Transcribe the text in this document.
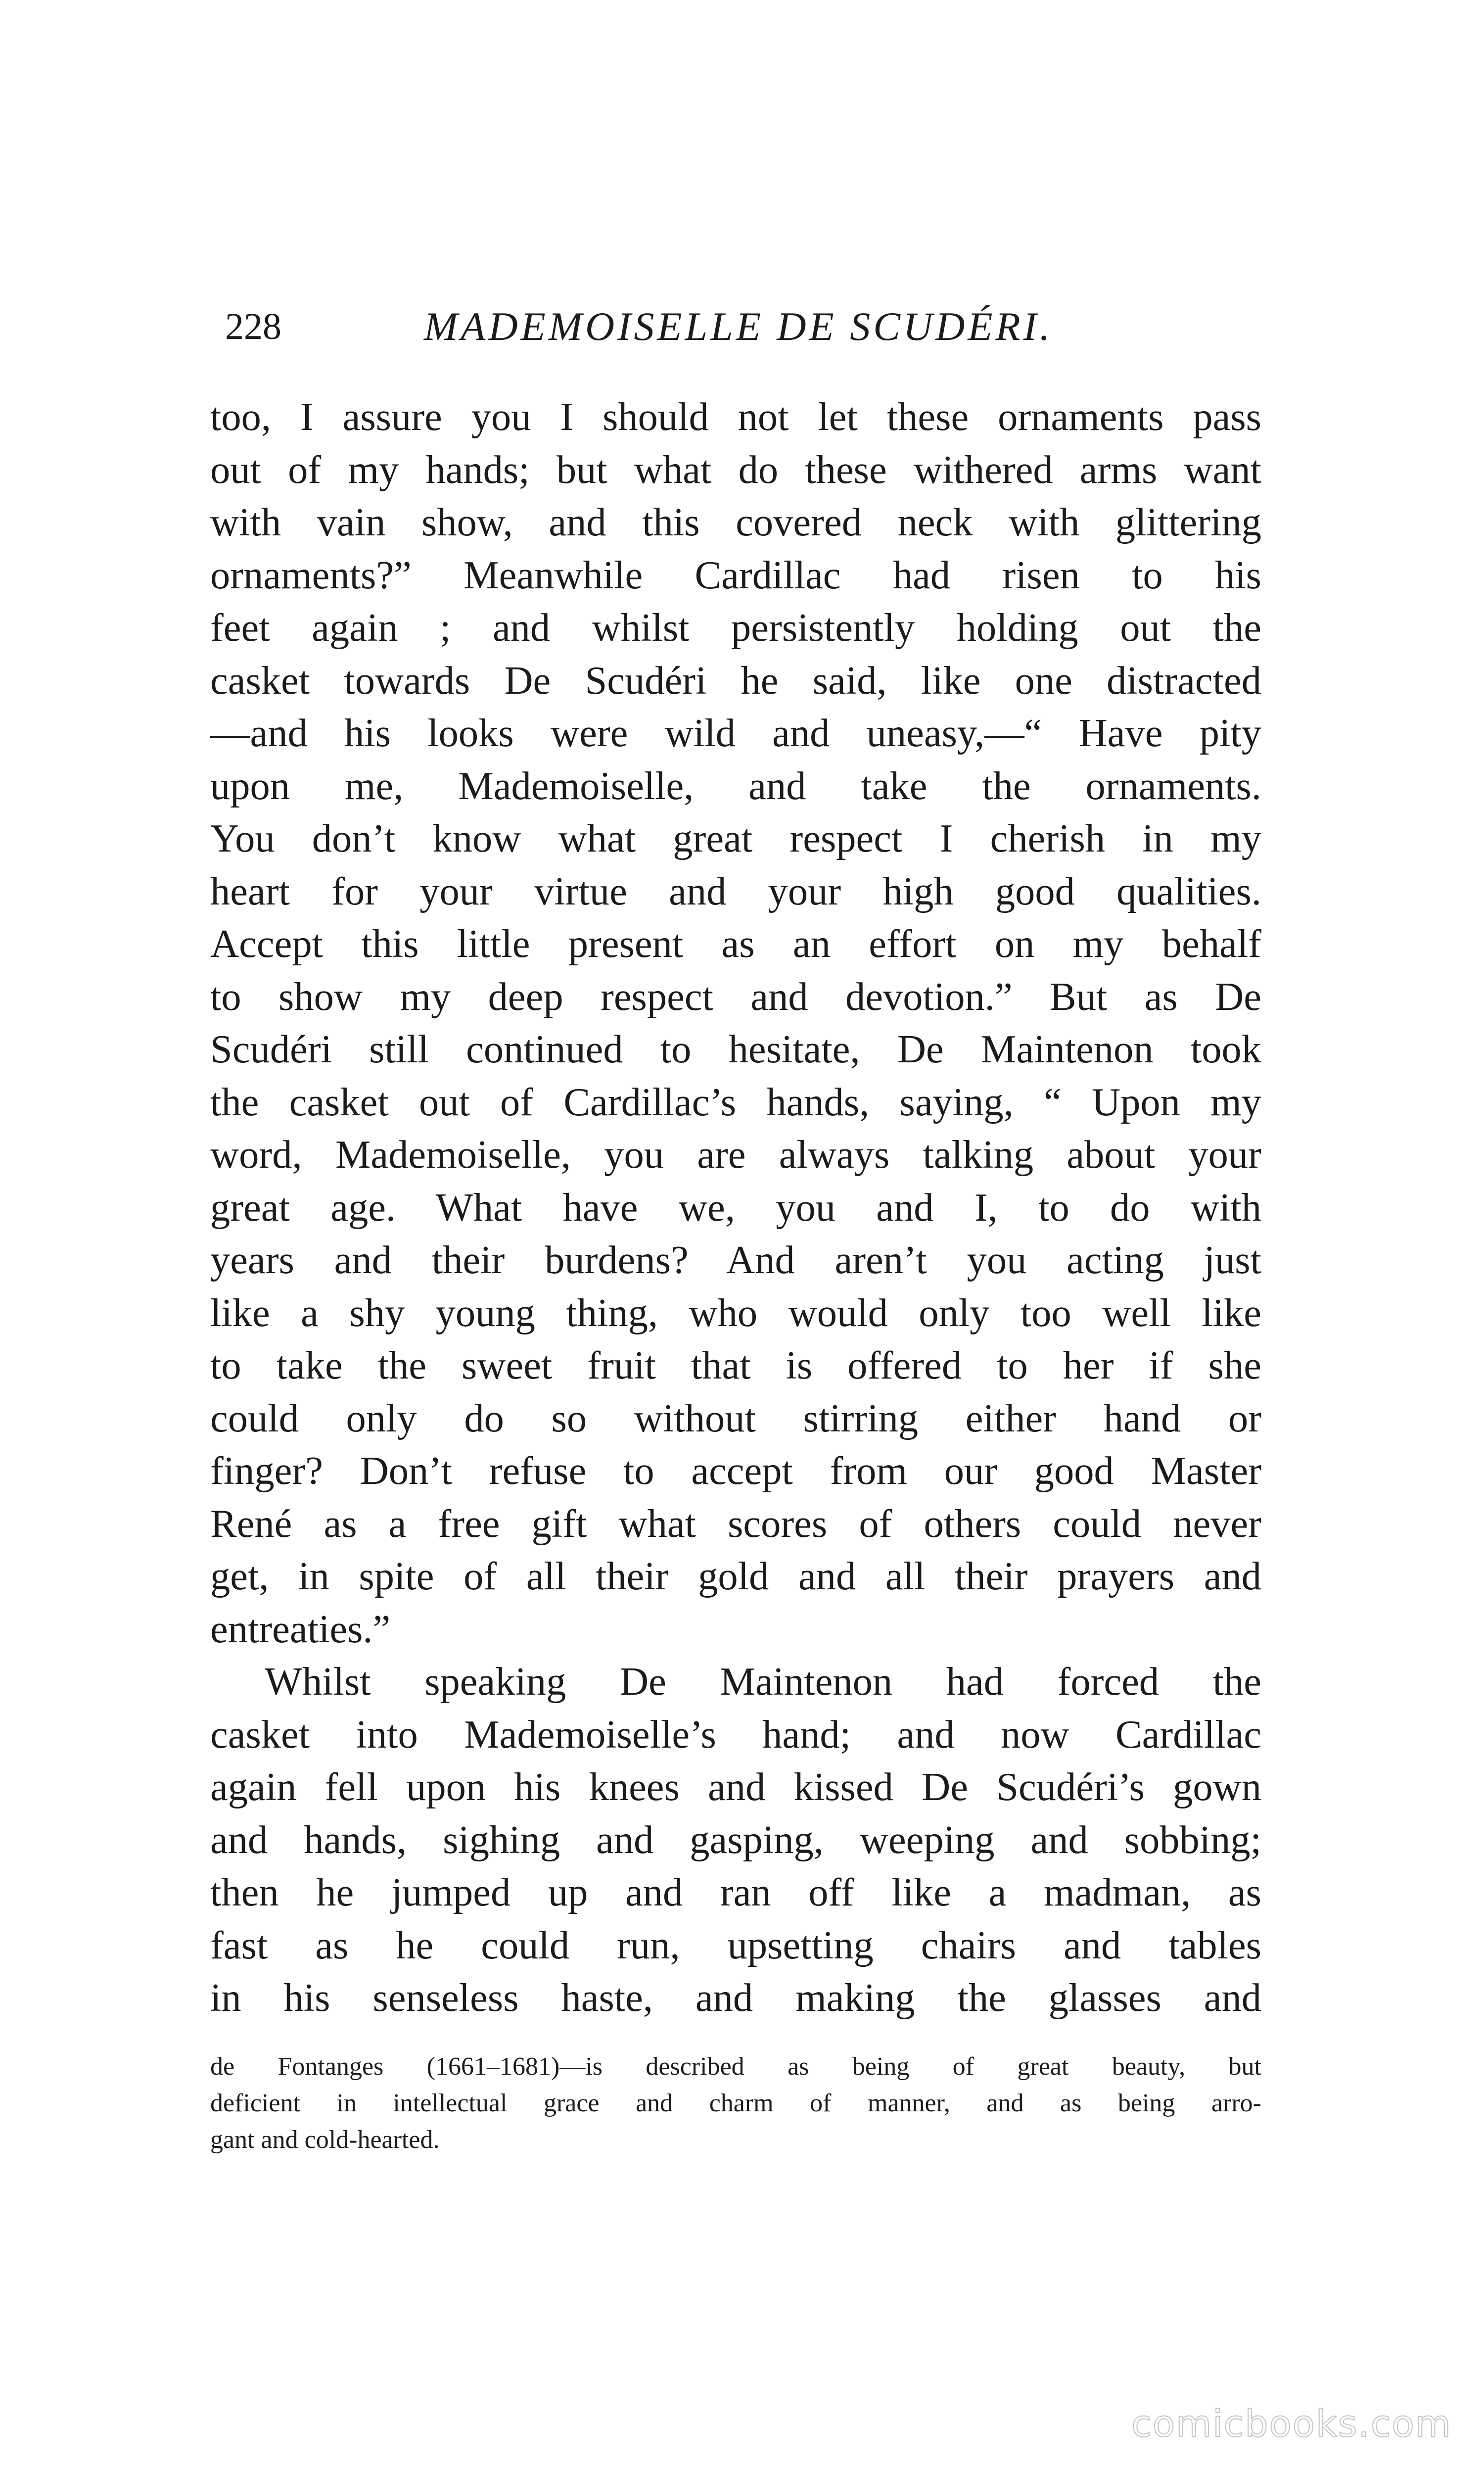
228	MADEMOISELLE DE SCUDÉRI.
too, I assure you I should not let these ornaments pass
out of my hands; but what do these withered arms want
with vain show, and this covered neck with glittering
ornaments?” Meanwhile Cardillac had risen to his
feet again ; and whilst persistently holding out the
casket towards De Scudéri he said, like one distracted
—and his looks were wild and uneasy,—“ Have pity
upon me, Mademoiselle, and take the ornaments.
You don’t know what great respect I cherish in my
heart for your virtue and your high good qualities.
Accept this little present as an effort on my behalf
to show my deep respect and devotion.” But as De
Scudéri still continued to hesitate, De Maintenon took
the casket out of Cardillac’s hands, saying, “ Upon my
word, Mademoiselle, you are always talking about your
great age. What have we, you and I, to do with
years and their burdens? And aren’t you acting just
like a shy young thing, who would only too well like
to take the sweet fruit that is offered to her if she
could only do so without stirring either hand or
finger? Don’t refuse to accept from our good Master
René as a free gift what scores of others could never
get, in spite of all their gold and all their prayers and
entreaties.”
Whilst speaking De Maintenon had forced the
casket into Mademoiselle’s hand; and now Cardillac
again fell upon his knees and kissed De Scudéri’s gown
and hands, sighing and gasping, weeping and sobbing;
then he jumped up and ran off like a madman, as
fast as he could run, upsetting chairs and tables
in his senseless haste, and making the glasses and
de Fontanges (1661–1681)—is described as being of great beauty, but
deficient in intellectual grace and charm of manner, and as being arro-
gant and cold-hearted.
comicbooks.com
